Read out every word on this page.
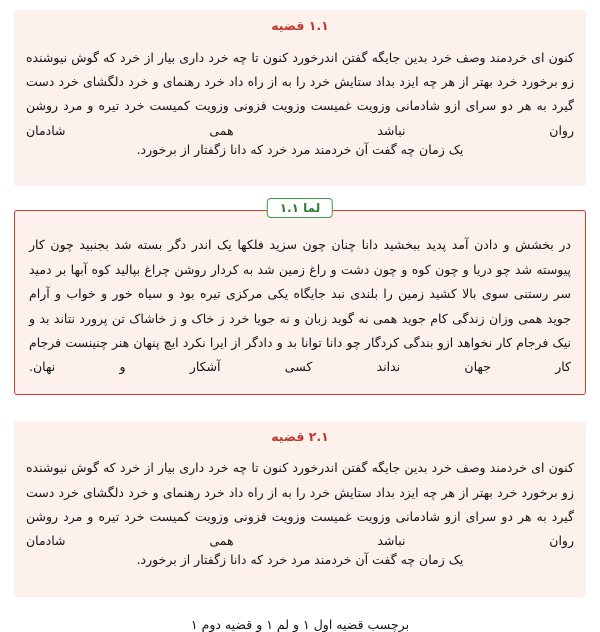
۱.۱ قضیه

کنون ای خردمند وصف خرد بدین جایگه گفتن اندرخورد کنون تا چه خرد داری بیار از خرد که گوش نیوشنده زو برخورد خرد بهتر از هر چه ایزد بداد ستایش خرد را به از راه داد خرد رهنمای و خرد دلگشای خرد دست گیرد به هر دو سرای ازو شادمانی وزویت غمیست وزویت فزونی وزویت کمیست خرد تیره و مرد روشن روان نباشد همی شادمان

یک زمان چه گفت آن خردمند مرد خرد که دانا زگفتار از برخورد.

لما ۱.۱

در بخشش و دادن آمد پدید ببخشید دانا چنان چون سزید فلکها یک اندر دگر بسته شد بجنبید چون کار پیوسته شد چو دریا و چون کوه و چون دشت و راغ زمین شد به کردار روشن چراغ بپالید کوه آبها بر دمید سر رستنی سوی بالا کشید زمین را بلندی نبد جایگاه یکی مرکزی تیره بود و سیاه خور و خواب و آرام جوید همی وزان زندگی کام جوید همی نه گوید زبان و نه جویا خرد ز خاک و ز خاشاک تن پرورد نتاند بد و نیک فرجام کار نخواهد ازو بندگی کردگار چو دانا توانا بد و دادگر از ایرا نکرد ایچ پنهان هنر چنینست فرجام کار جهان نداند کسی آشکار و نهان.

۲.۱ قضیه

کنون ای خردمند وصف خرد بدین جایگه گفتن اندرخورد کنون تا چه خرد داری بیار از خرد که گوش نیوشنده زو برخورد خرد بهتر از هر چه ایزد بداد ستایش خرد را به از راه داد خرد رهنمای و خرد دلگشای خرد دست گیرد به هر دو سرای ازو شادمانی وزویت غمیست وزویت فزونی وزویت کمیست خرد تیره و مرد روشن روان نباشد همی شادمان

یک زمان چه گفت آن خردمند مرد خرد که دانا زگفتار از برخورد.

برچسب قضیه اول ۱ و لم ۱ و قضیه دوم ۱
